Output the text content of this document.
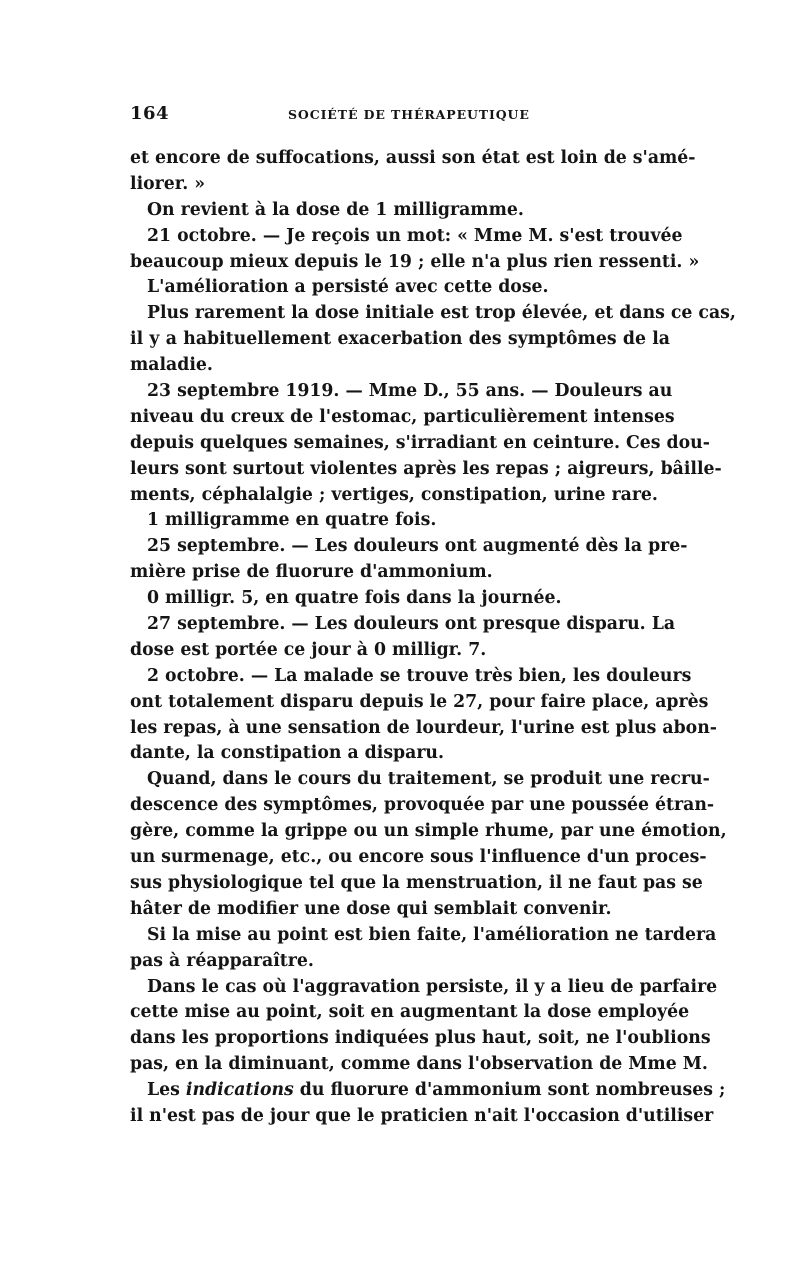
164	SOCIÉTÉ DE THÉRAPEUTIQUE
et encore de suffocations, aussi son état est loin de s'amé-
liorer. »
On revient à la dose de 1 milligramme.
21 octobre. — Je reçois un mot: « Mme M. s'est trouvée
beaucoup mieux depuis le 19 ; elle n'a plus rien ressenti. »
L'amélioration a persisté avec cette dose.
Plus rarement la dose initiale est trop élevée, et dans ce cas,
il y a habituellement exacerbation des symptômes de la
maladie.
23 septembre 1919. — Mme D., 55 ans. — Douleurs au
niveau du creux de l'estomac, particulièrement intenses
depuis quelques semaines, s'irradiant en ceinture. Ces dou-
leurs sont surtout violentes après les repas ; aigreurs, bâille-
ments, céphalalgie ; vertiges, constipation, urine rare.
1 milligramme en quatre fois.
25 septembre. — Les douleurs ont augmenté dès la pre-
mière prise de fluorure d'ammonium.
0 milligr. 5, en quatre fois dans la journée.
27 septembre. — Les douleurs ont presque disparu. La
dose est portée ce jour à 0 milligr. 7.
2 octobre. — La malade se trouve très bien, les douleurs
ont totalement disparu depuis le 27, pour faire place, après
les repas, à une sensation de lourdeur, l'urine est plus abon-
dante, la constipation a disparu.
Quand, dans le cours du traitement, se produit une recru-
descence des symptômes, provoquée par une poussée étran-
gère, comme la grippe ou un simple rhume, par une émotion,
un surmenage, etc., ou encore sous l'influence d'un proces-
sus physiologique tel que la menstruation, il ne faut pas se
hâter de modifier une dose qui semblait convenir.
Si la mise au point est bien faite, l'amélioration ne tardera
pas à réapparaître.
Dans le cas où l'aggravation persiste, il y a lieu de parfaire
cette mise au point, soit en augmentant la dose employée
dans les proportions indiquées plus haut, soit, ne l'oublions
pas, en la diminuant, comme dans l'observation de Mme M.
Les indications du fluorure d'ammonium sont nombreuses ;
il n'est pas de jour que le praticien n'ait l'occasion d'utiliser
